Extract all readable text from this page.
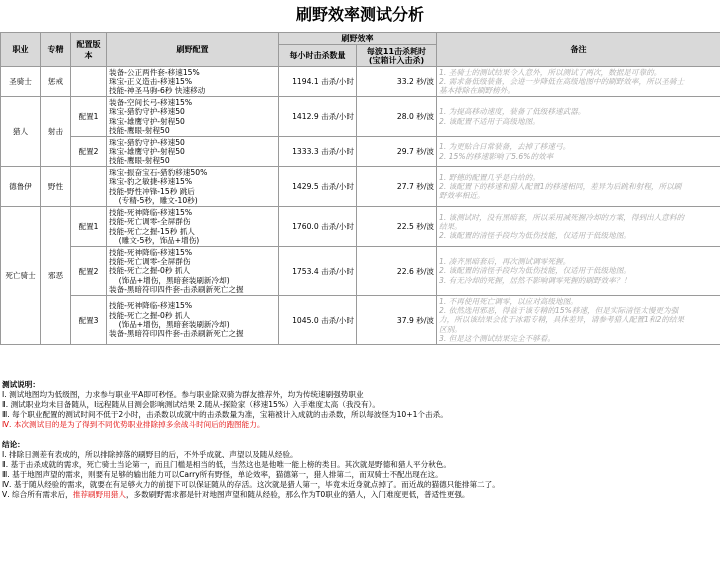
刷野效率测试分析
职业	专精	配置版本	刷野配置	刷野效率		备注
				每小时击杀数量	每波11击杀耗时
(宝箱计入击杀)	
圣骑士	惩戒		装备-公正两件套-移速15%
珠宝-正义造击-移速15%
技能-神圣马驹-6秒 快速移动	1194.1 击杀/小时	33.2 秒/波	1. 圣骑士的测试结果令人意外，所以测试了两次，数据是可靠的。
2. 需求备低级装备，会进一步降低在高级地图中的刷野效率，所以圣骑士
基本排除在刷野榜外。
猎人	射击	配置1	装备-空间长弓-移速15%
珠宝-猎豹守护-移速50
珠宝-雄鹰守护-射程50
技能-鹰眼-射程50	1412.9 击杀/小时	28.0 秒/波	1. 为提高移动速度，装备了低级移速武器。
2. 该配置不适用于高级地图。
		配置2	珠宝-猎豹守护-移速50
珠宝-雄鹰守护-射程50
技能-鹰眼-射程50	1333.3 击杀/小时	29.7 秒/波	1. 为更贴合日常装备，去掉了移速弓。
2. 15%的移速影响了5.6%的效率
德鲁伊	野性		珠宝-振奋宝石-猎豹移速50%
珠宝-豹之敏捷-移速15%
技能-野性冲锋-15秒 跳后
(专精-5秒，雕文-10秒)	1429.5 击杀/小时	27.7 秒/波	1. 野德的配置几乎是白给的。
2. 该配置下的移速和猎人配置1的移速相同，差异为后跳和射程，所以刷
野效率相近。
死亡骑士	邪恶	配置1	技能-死神降临-移速15%
技能-死亡调零-全屏群伤
技能-死亡之握-15秒 抓人
(雕文-5秒，饰品+增伤)	1760.0 击杀/小时	22.5 秒/波	1. 该测试时，没有黑暗套，所以采用减死握冷却的方案，得到出人意料的
结果。
2. 该配置的清怪手段均为低伤技能，仅适用于低级地图。
		配置2	技能-死神降临-移速15%
技能-死亡调零-全屏群伤
技能-死亡之握-0秒 抓人
(饰品+增伤，黑暗套装刷新冷却)
装备-黑暗符印四件套-击杀刷新死亡之握	1753.4 击杀/小时	22.6 秒/波	1. 凑齐黑暗套后，再次测试调零死握。
2. 该配置的清怪手段均为低伤技能，仅适用于低级地图。
3. 有无冷却的死握，居然不影响调零死握的刷野效率？！
		配置3	技能-死神降临-移速15%
技能-死亡之握-0秒 抓人
(饰品+增伤，黑暗套装刷新冷却)
装备-黑暗符印四件套-击杀刷新死亡之握	1045.0 击杀/小时	37.9 秒/波	1. 不再使用死亡调零，以应对高级地图。
2. 依然选用邪恶，得益于该专精的15%移速，但是实际清怪太慢更为强
力，所以该结果会优于冰霜专精，具体差异，请参考猎人配置1和2的结果
区别。
3. 但是这个测试结果完全不够看。
测试说明：
Ⅰ. 测试地图均为低级图，力求参与职业平A即可秒怪。参与职业除双骑为群友推荐外，均为传统速刷强势职业
Ⅱ. 测试职业均未目备随从，Ⅰ远程随从目测会影响测试结果 2.随从-探险家（移速15%）入手难度太高（我没有）。
Ⅲ. 每个职业配置的测试时间不低于2小时，击杀数以成就中的击杀数量为准，宝箱被计入成就的击杀数，所以每波怪为10+1个击杀。
Ⅳ. 本次测试目的是为了得到不同优势职业排除掉多余战斗时间后的跑图能力。
结论：
Ⅰ. 排除日测差有表成的，所以排除掉落的刷野目的后，不外乎成就、声望以及随从经验。
Ⅱ. 基于击杀成就的需求，死亡骑士当论第一，而且门槛是相当的低，当然这也是他唯一能上榜的类目。其次就是野德和猎人平分秋色。
Ⅲ. 基于地图声望的需求，则要有足够的输出能力可以Carry所有野怪，单论效率，猫德第一，猎人排第二，而双骑士不配出现在这。
Ⅳ. 基于随从经验的需求，就要在有足够火力的前提下可以保证随从的存活。这次就是猎人第一，毕竟未近身就点掉了。而近战的猫德只能排第二了。
Ⅴ. 综合所有需求后，推荐刷野用猎人，多数刷野需求都是针对地图声望和随从经验，那么作为T0职业的猎人，入门难度更低，普适性更强。
